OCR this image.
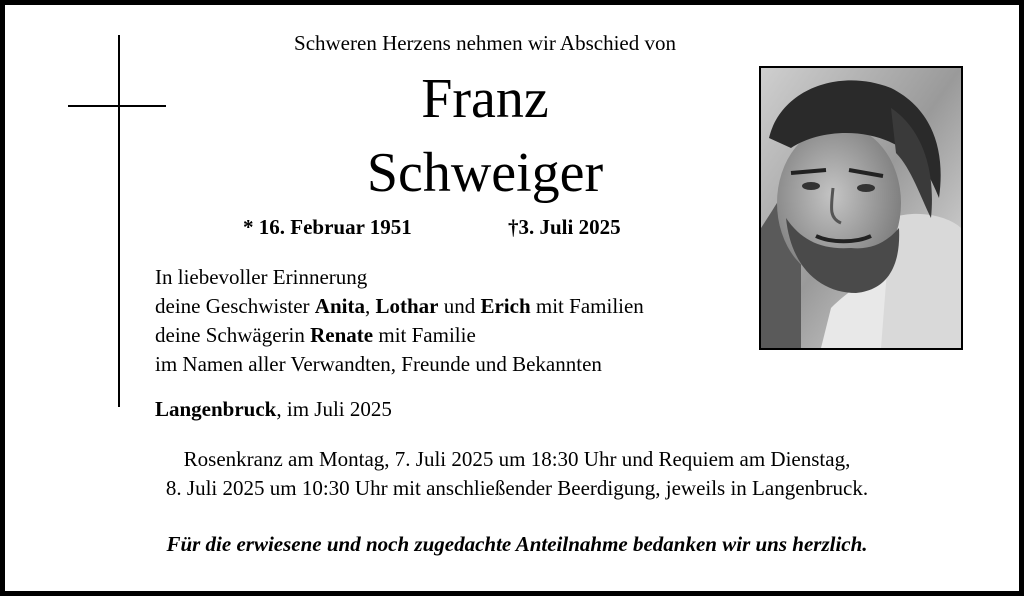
Schweren Herzens nehmen wir Abschied von
Franz
Schweiger
* 16. Februar 1951	†3. Juli 2025
In liebevoller Erinnerung
deine Geschwister Anita, Lothar und Erich mit Familien
deine Schwägerin Renate mit Familie
im Namen aller Verwandten, Freunde und Bekannten
Langenbruck, im Juli 2025
Rosenkranz am Montag, 7. Juli 2025 um 18:30 Uhr und Requiem am Dienstag,
8. Juli 2025 um 10:30 Uhr mit anschließender Beerdigung, jeweils in Langenbruck.
Für die erwiesene und noch zugedachte Anteilnahme bedanken wir uns herzlich.
